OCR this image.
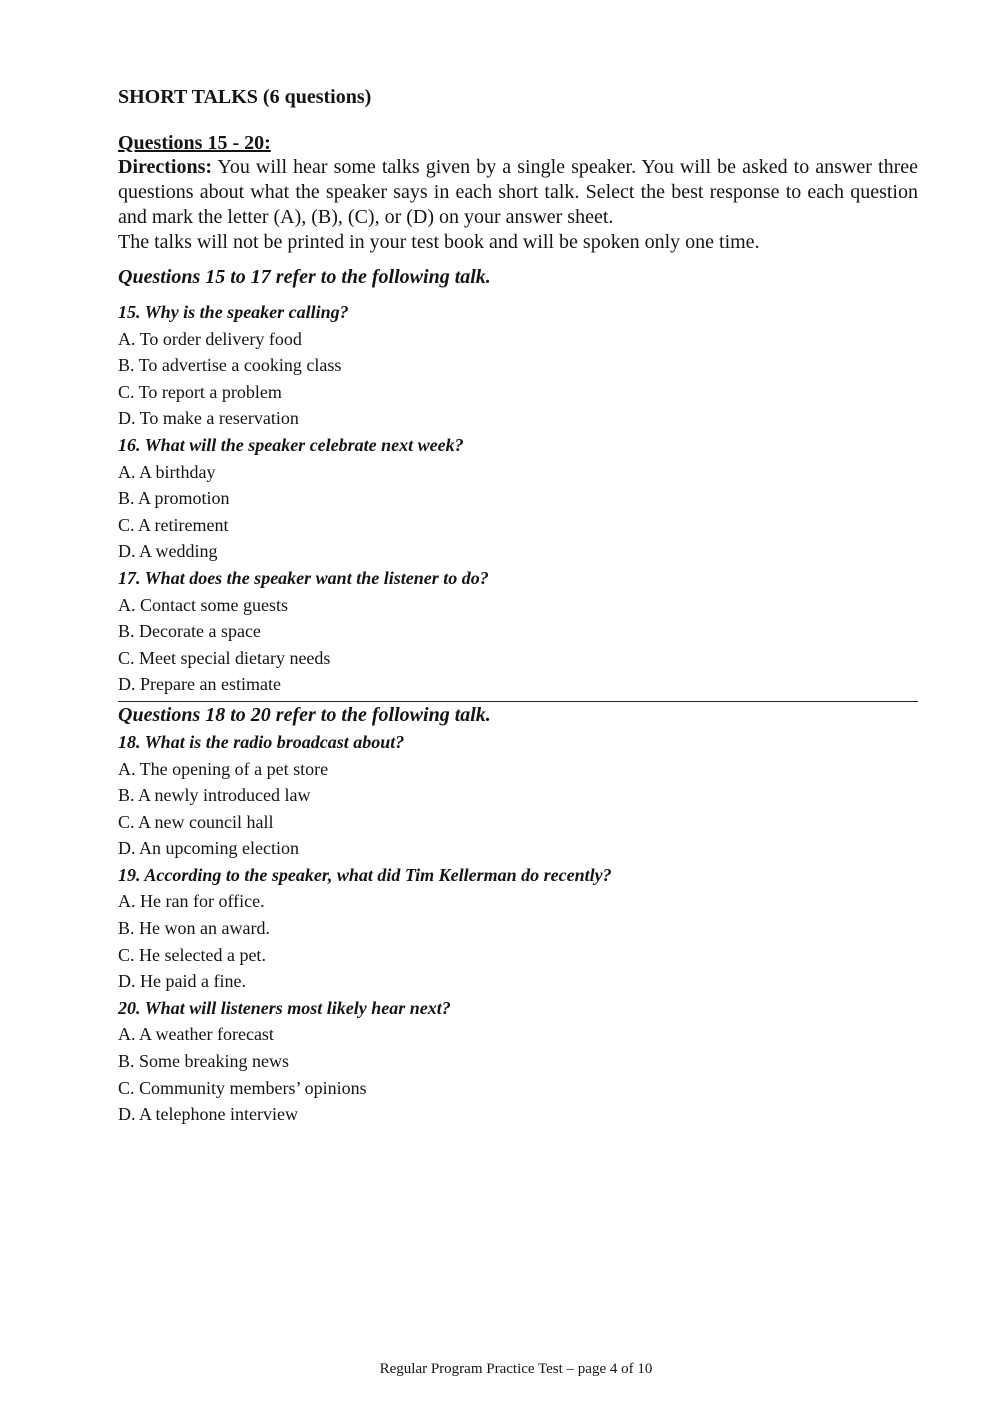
SHORT TALKS (6 questions)

Questions 15 - 20:

Directions: You will hear some talks given by a single speaker. You will be asked to answer three questions about what the speaker says in each short talk. Select the best response to each question and mark the letter (A), (B), (C), or (D) on your answer sheet.

The talks will not be printed in your test book and will be spoken only one time.

Questions 15 to 17 refer to the following talk.

15. Why is the speaker calling?

A. To order delivery food

B. To advertise a cooking class

C. To report a problem

D. To make a reservation

16. What will the speaker celebrate next week?

A. A birthday

B. A promotion

C. A retirement

D. A wedding

17. What does the speaker want the listener to do?

A. Contact some guests

B. Decorate a space

C. Meet special dietary needs

D. Prepare an estimate

Questions 18 to 20 refer to the following talk.

18. What is the radio broadcast about?

A. The opening of a pet store

B. A newly introduced law

C. A new council hall

D. An upcoming election

19. According to the speaker, what did Tim Kellerman do recently?

A. He ran for office.

B. He won an award.

C. He selected a pet.

D. He paid a fine.

20. What will listeners most likely hear next?

A. A weather forecast

B. Some breaking news

C. Community members’ opinions

D. A telephone interview

Regular Program Practice Test – page 4 of 10
